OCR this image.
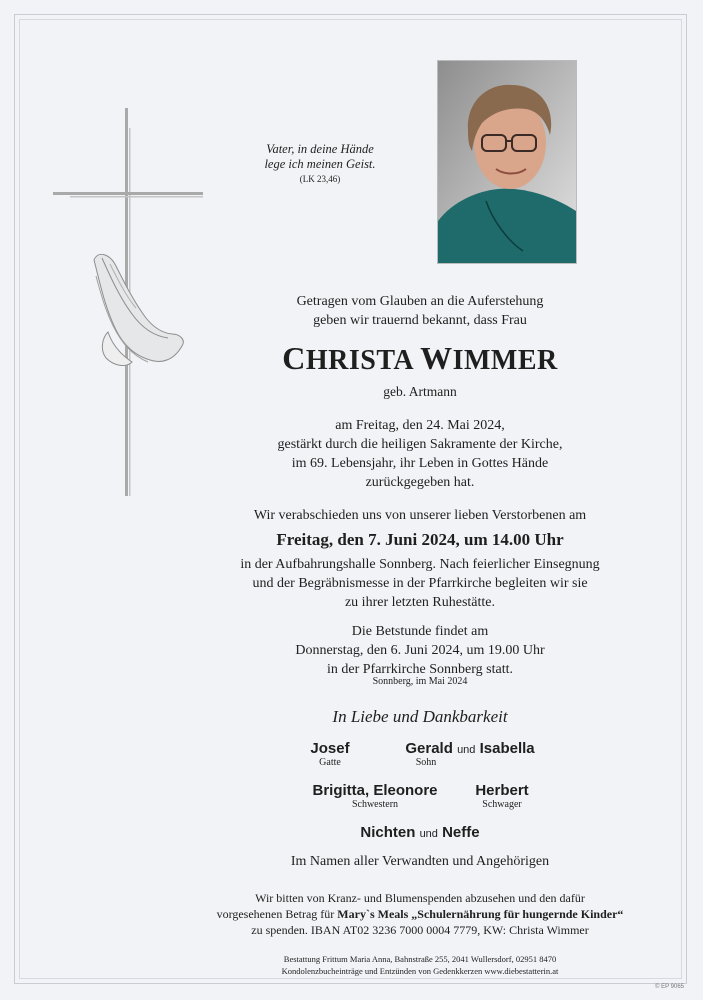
Vater, in deine Hände
lege ich meinen Geist.
(LK 23,46)
Getragen vom Glauben an die Auferstehung
geben wir trauernd bekannt, dass Frau
CHRISTA WIMMER
geb. Artmann
am Freitag, den 24. Mai 2024,
gestärkt durch die heiligen Sakramente der Kirche,
im 69. Lebensjahr, ihr Leben in Gottes Hände
zurückgegeben hat.
Wir verabschieden uns von unserer lieben Verstorbenen am
Freitag, den 7. Juni 2024, um 14.00 Uhr
in der Aufbahrungshalle Sonnberg. Nach feierlicher Einsegnung
und der Begräbnismesse in der Pfarrkirche begleiten wir sie
zu ihrer letzten Ruhestätte.
Die Betstunde findet am
Donnerstag, den 6. Juni 2024, um 19.00 Uhr
in der Pfarrkirche Sonnberg statt.
Sonnberg, im Mai 2024
In Liebe und Dankbarkeit
Josef
Gatte
Gerald und Isabella
Sohn
Brigitta, Eleonore
Schwestern
Herbert
Schwager
Nichten und Neffe
Im Namen aller Verwandten und Angehörigen
Wir bitten von Kranz- und Blumenspenden abzusehen und den dafür
vorgesehenen Betrag für Mary`s Meals „Schulernährung für hungernde Kinder“
zu spenden. IBAN AT02 3236 7000 0004 7779, KW: Christa Wimmer
Bestattung Frittum Maria Anna, Bahnstraße 255, 2041 Wullersdorf, 02951 8470
Kondolenzbucheinträge und Entzünden von Gedenkkerzen www.diebestatterin.at
© EP 9065
